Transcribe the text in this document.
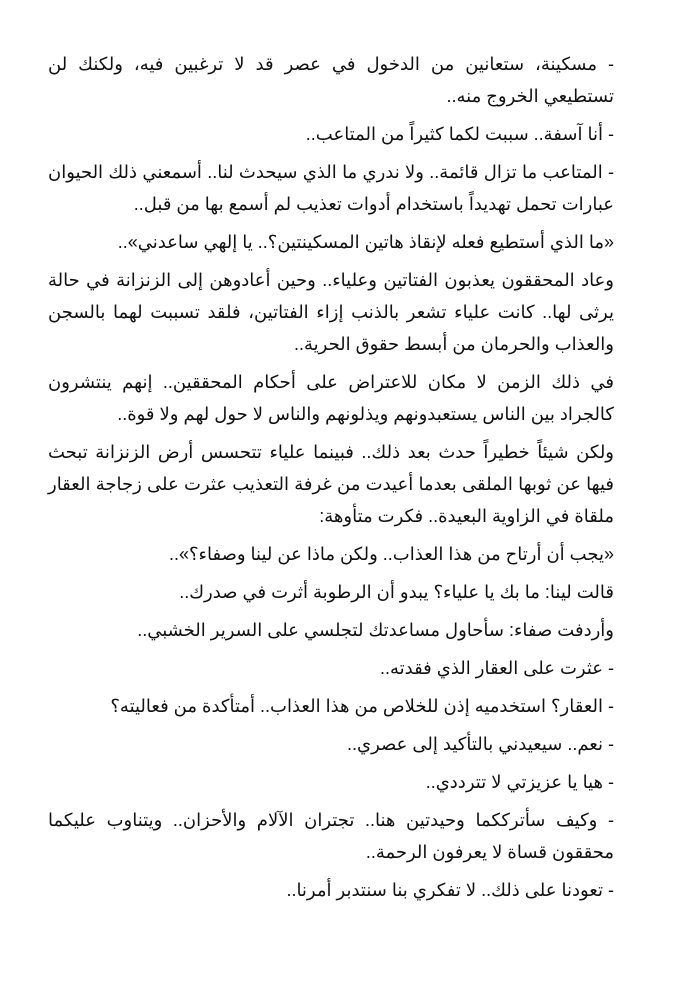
- مسكينة، ستعانين من الدخول في عصر قد لا ترغبين فيه، ولكنك لن تستطيعي الخروج منه..

- أنا آسفة.. سببت لكما كثيراً من المتاعب..

- المتاعب ما تزال قائمة.. ولا ندري ما الذي سيحدث لنا.. أسمعني ذلك الحيوان عبارات تحمل تهديداً باستخدام أدوات تعذيب لم أسمع بها من قبل..

«ما الذي أستطيع فعله لإنقاذ هاتين المسكينتين؟.. يا إلهي ساعدني»..

وعاد المحققون يعذبون الفتاتين وعلياء.. وحين أعادوهن إلى الزنزانة في حالة يرثى لها.. كانت علياء تشعر بالذنب إزاء الفتاتين، فلقد تسببت لهما بالسجن والعذاب والحرمان من أبسط حقوق الحرية..

في ذلك الزمن لا مكان للاعتراض على أحكام المحققين.. إنهم ينتشرون كالجراد بين الناس يستعبدونهم ويذلونهم والناس لا حول لهم ولا قوة..

ولكن شيئاً خطيراً حدث بعد ذلك.. فبينما علياء تتحسس أرض الزنزانة تبحث فيها عن ثوبها الملقى بعدما أعيدت من غرفة التعذيب عثرت على زجاجة العقار ملقاة في الزاوية البعيدة.. فكرت متأوهة:

«يجب أن أرتاح من هذا العذاب.. ولكن ماذا عن لينا وصفاء؟»..

قالت لينا: ما بك يا علياء؟ يبدو أن الرطوبة أثرت في صدرك..

وأردفت صفاء: سأحاول مساعدتك لتجلسي على السرير الخشبي..

- عثرت على العقار الذي فقدته..

- العقار؟ استخدميه إذن للخلاص من هذا العذاب.. أمتأكدة من فعاليته؟

- نعم.. سيعيدني بالتأكيد إلى عصري..

- هيا يا عزيزتي لا تترددي..

- وكيف سأترككما وحيدتين هنا.. تجتران الآلام والأحزان.. ويتناوب عليكما محققون قساة لا يعرفون الرحمة..

- تعودنا على ذلك.. لا تفكري بنا سنتدبر أمرنا..
